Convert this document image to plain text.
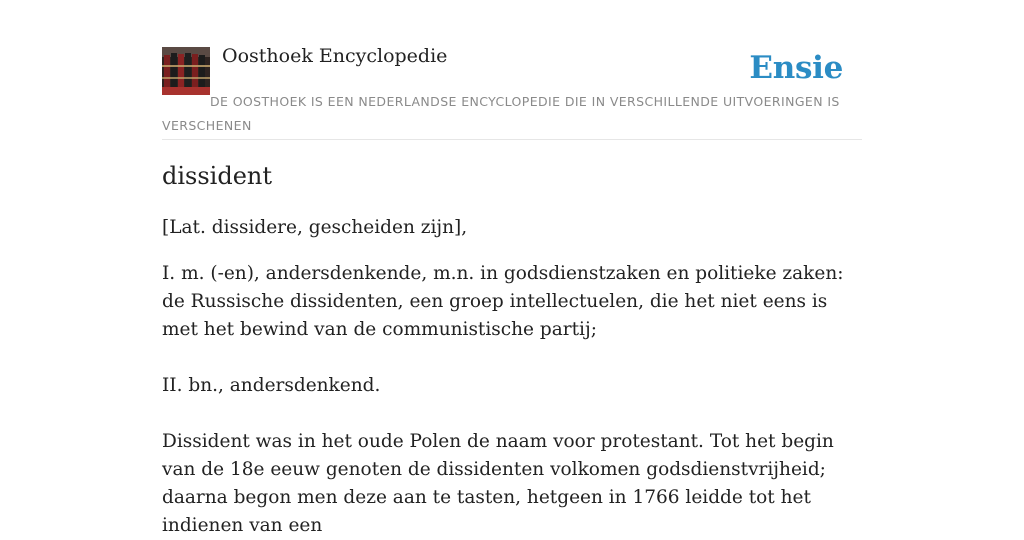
Oosthoek Encyclopedie	Ensie
DE OOSTHOEK IS EEN NEDERLANDSE ENCYCLOPEDIE DIE IN VERSCHILLENDE UITVOERINGEN IS VERSCHENEN
dissident

[Lat. dissidere, gescheiden zijn],

I. m. (-en), andersdenkende, m.n. in godsdienstzaken en politieke zaken: de Russische dissidenten, een groep intellectuelen, die het niet eens is met het bewind van de communistische partij;

II. bn., andersdenkend.

Dissident was in het oude Polen de naam voor protestant. Tot het begin van de 18e eeuw genoten de dissidenten volkomen godsdienstvrijheid; daarna begon men deze aan te tasten, hetgeen in 1766 leidde tot het indienen van een
